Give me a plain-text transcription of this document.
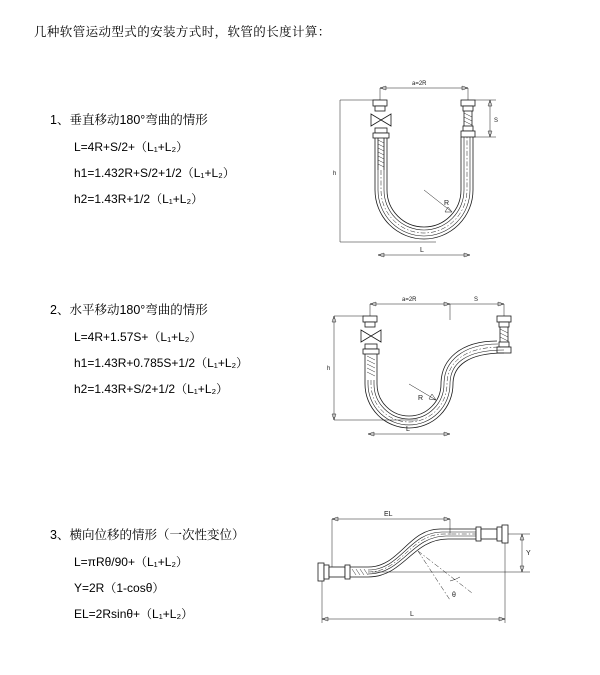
几种软管运动型式的安装方式时，软管的长度计算：
1、垂直移动180°弯曲的情形
L=4R+S/2+（L₁+L₂）
h1=1.432R+S/2+1/2（L₁+L₂）
h2=1.43R+1/2（L₁+L₂）
a=2R
h
S
R
L
2、水平移动180°弯曲的情形
L=4R+1.57S+（L₁+L₂）
h1=1.43R+0.785S+1/2（L₁+L₂）
h2=1.43R+S/2+1/2（L₁+L₂）
a=2R	S
h
R
L
3、横向位移的情形（一次性变位）
L=πRθ/90+（L₁+L₂）
Y=2R（1-cosθ）
EL=2Rsinθ+（L₁+L₂）
EL
Y
θ
L
